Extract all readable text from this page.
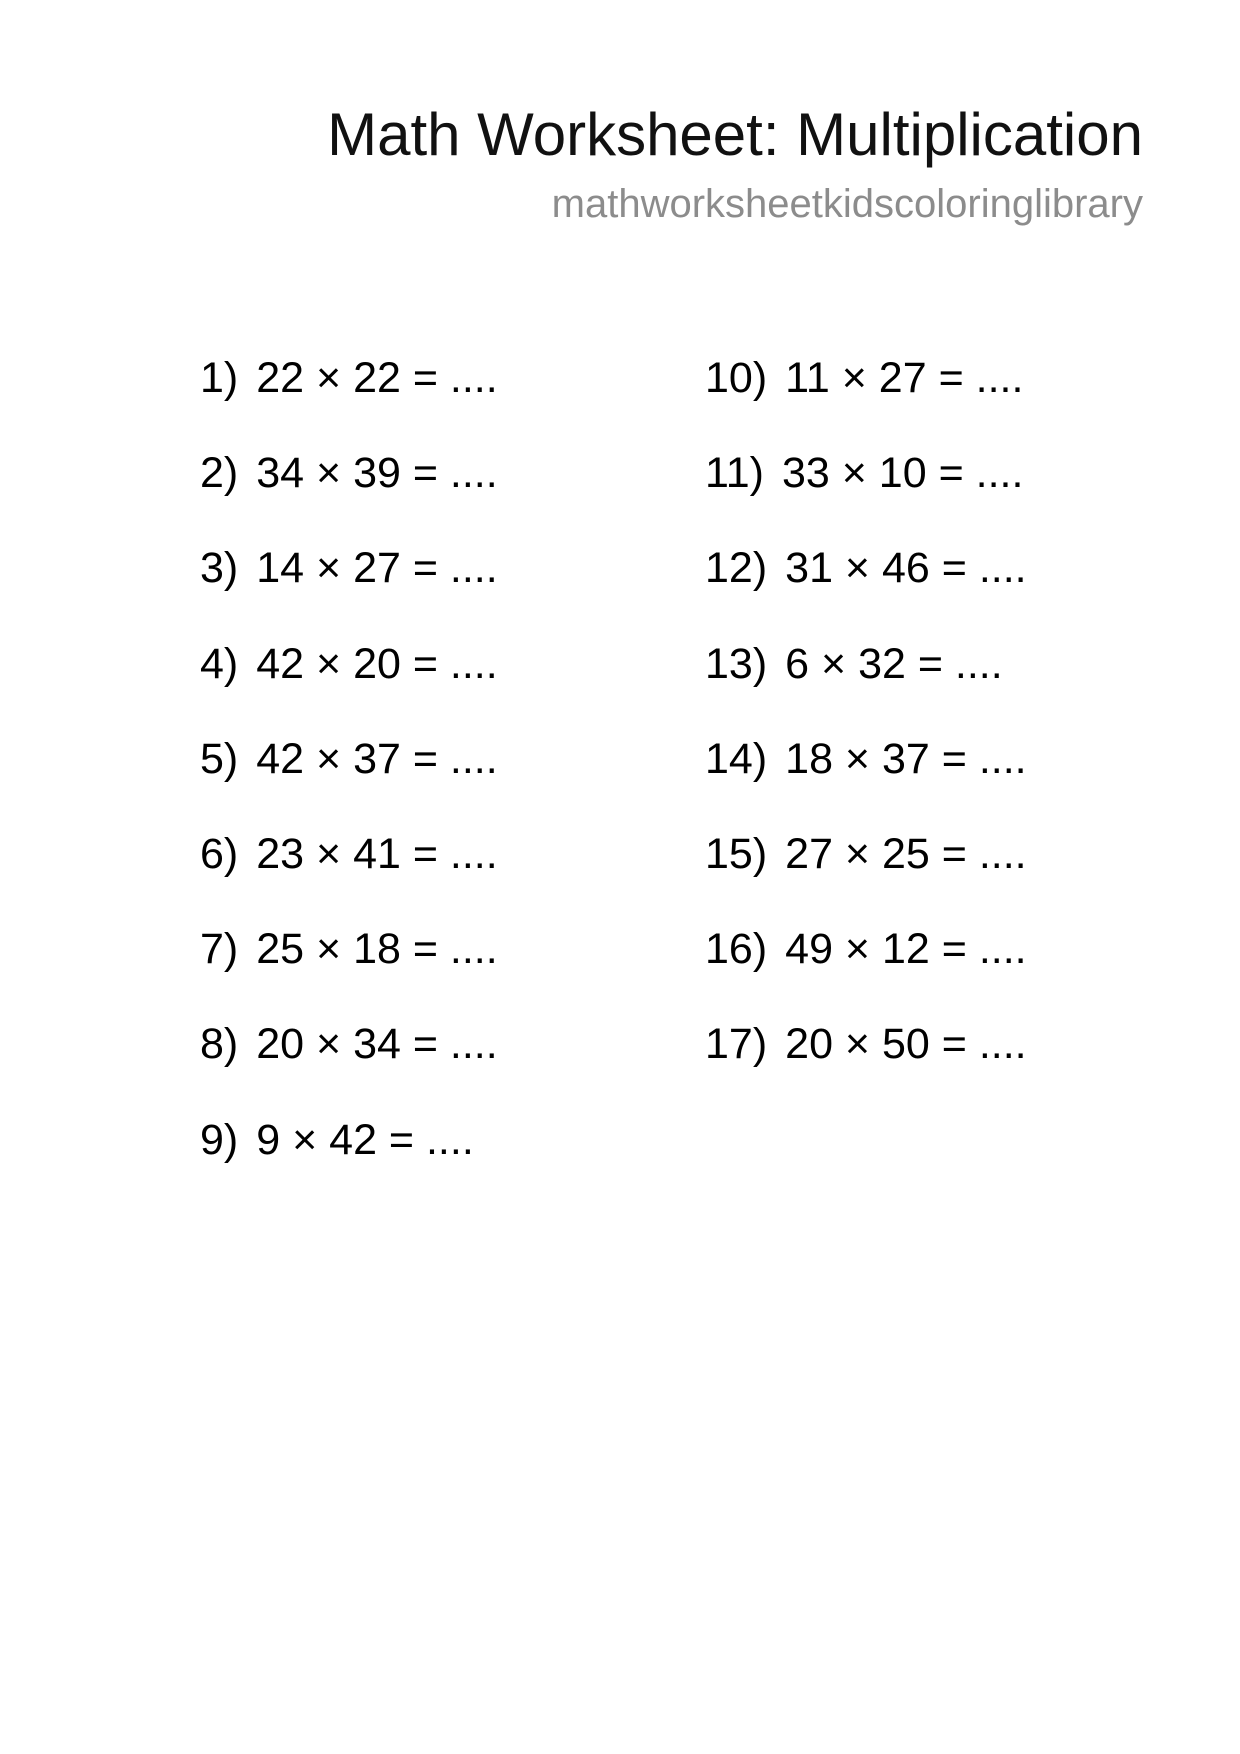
Math Worksheet: Multiplication
mathworksheetkidscoloringlibrary
1) 22 × 22 = ....
2) 34 × 39 = ....
3) 14 × 27 = ....
4) 42 × 20 = ....
5) 42 × 37 = ....
6) 23 × 41 = ....
7) 25 × 18 = ....
8) 20 × 34 = ....
9) 9 × 42 = ....
10) 11 × 27 = ....
11) 33 × 10 = ....
12) 31 × 46 = ....
13) 6 × 32 = ....
14) 18 × 37 = ....
15) 27 × 25 = ....
16) 49 × 12 = ....
17) 20 × 50 = ....
